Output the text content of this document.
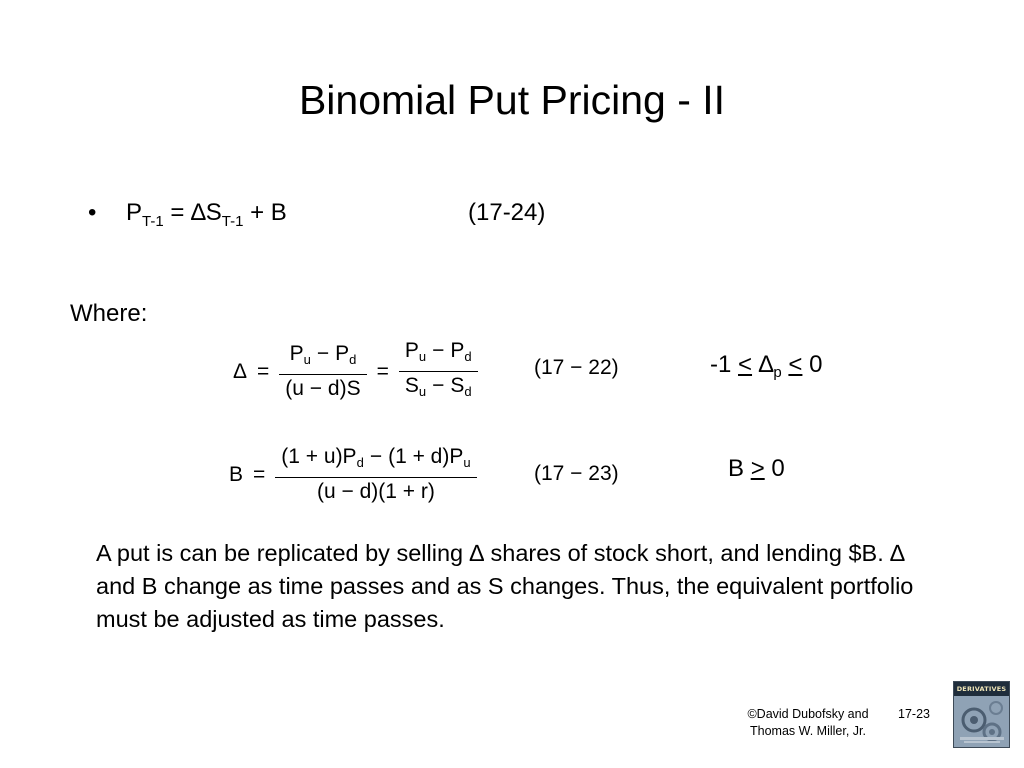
Binomial Put Pricing - II
• $P_{T-1} = \Delta S_{T-1} + B$	(17-24)
Where:
$\Delta = \frac{Pu - Pd}{(u - d)S} = \frac{Pu - Pd}{Su - Sd}$	(17 − 22)	$-1 < \Delta_p < 0$
$B = \frac{(1 + u)Pd - (1 + d)Pu}{(u - d)(1 + r)}$	(17 − 23)	B ≥ 0
A put is can be replicated by selling ∆ shares of stock short, and lending $B. ∆ and B change as time passes and as S changes. Thus, the equivalent portfolio must be adjusted as time passes.
©David Dubofsky and
Thomas W. Miller, Jr.
17-23
DERIVATIVES
